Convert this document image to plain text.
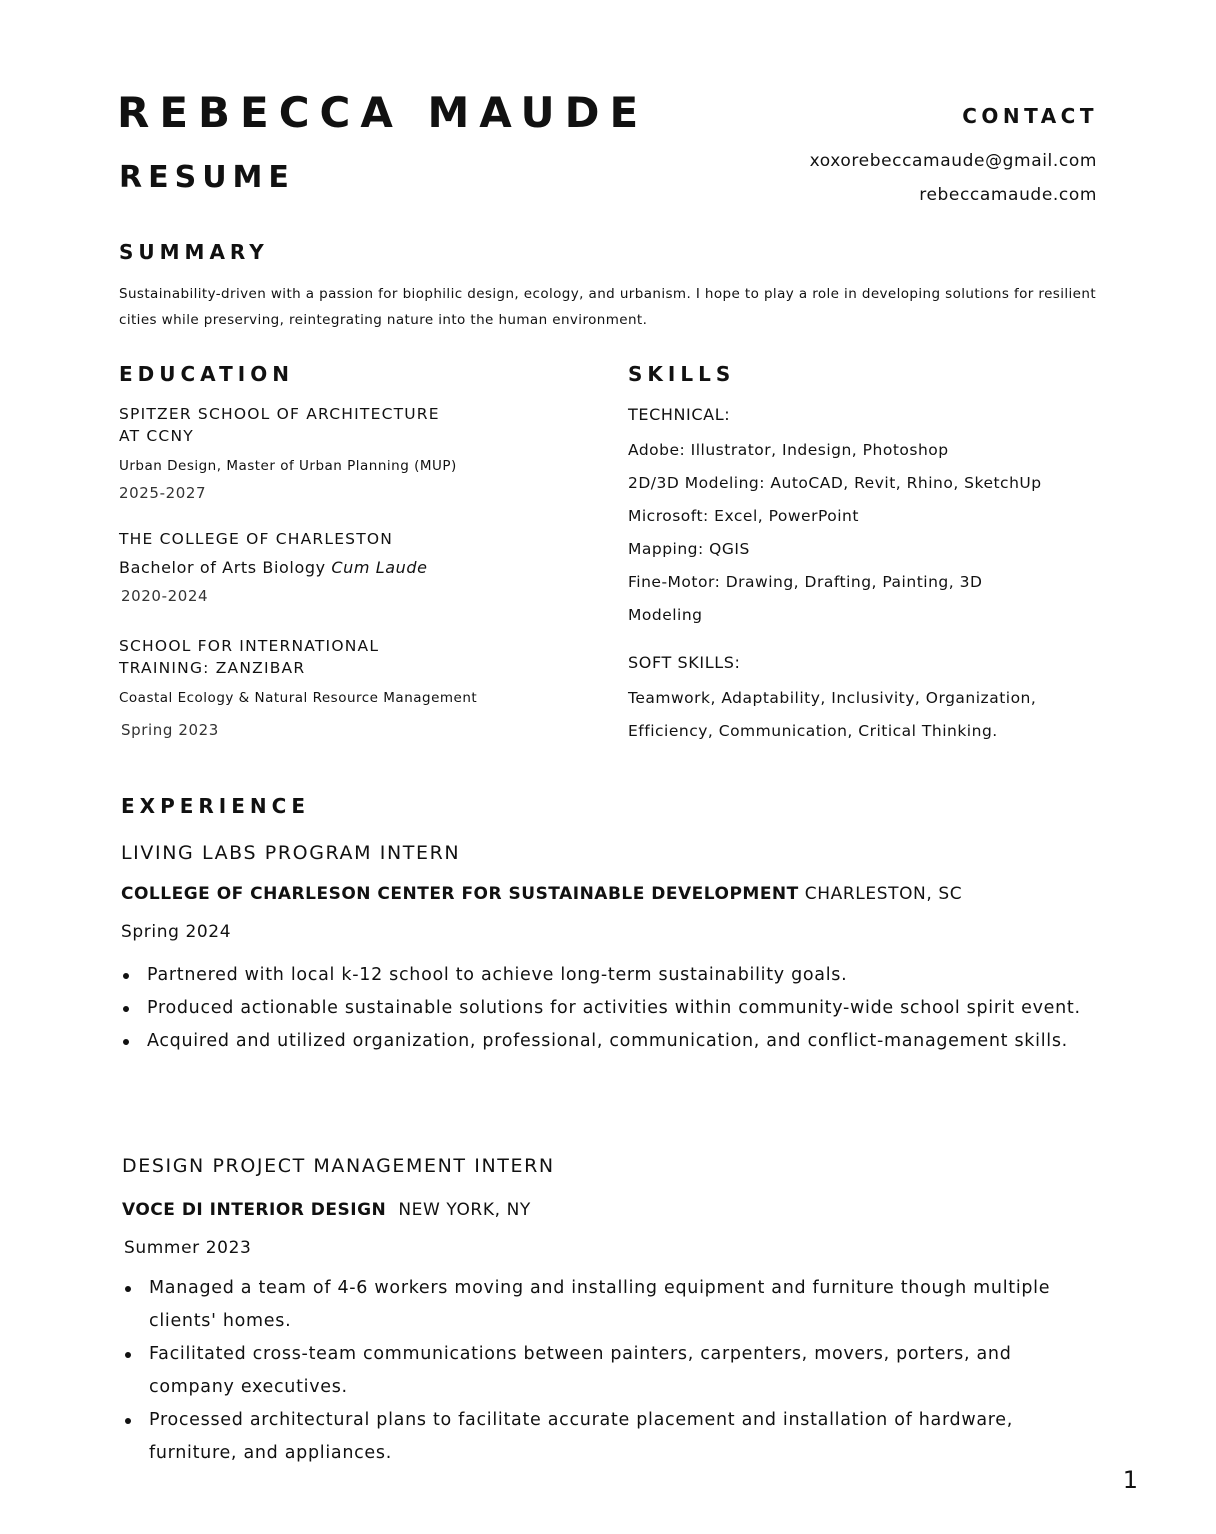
REBECCA MAUDE
RESUME
CONTACT
xoxorebeccamaude@gmail.com
rebeccamaude.com
SUMMARY
Sustainability-driven with a passion for biophilic design, ecology, and urbanism. I hope to play a role in developing solutions for resilient cities while preserving, reintegrating nature into the human environment.
EDUCATION
SPITZER SCHOOL OF ARCHITECTURE
AT CCNY
Urban Design, Master of Urban Planning (MUP)
2025-2027
THE COLLEGE OF CHARLESTON
Bachelor of Arts Biology Cum Laude
2020-2024
SCHOOL FOR INTERNATIONAL
TRAINING: ZANZIBAR
Coastal Ecology & Natural Resource Management
Spring 2023
SKILLS
TECHNICAL:
Adobe: Illustrator, Indesign, Photoshop
2D/3D Modeling: AutoCAD, Revit, Rhino, SketchUp
Microsoft: Excel, PowerPoint
Mapping: QGIS
Fine-Motor: Drawing, Drafting, Painting, 3D
Modeling
SOFT SKILLS:
Teamwork, Adaptability, Inclusivity, Organization,
Efficiency, Communication, Critical Thinking.
EXPERIENCE
LIVING LABS PROGRAM INTERN
COLLEGE OF CHARLESON CENTER FOR SUSTAINABLE DEVELOPMENT CHARLESTON, SC
Spring 2024
Partnered with local k-12 school to achieve long-term sustainability goals.
Produced actionable sustainable solutions for activities within community-wide school spirit event.
Acquired and utilized organization, professional, communication, and conflict-management skills.
DESIGN PROJECT MANAGEMENT INTERN
VOCE DI INTERIOR DESIGN NEW YORK, NY
Summer 2023
Managed a team of 4-6 workers moving and installing equipment and furniture though multiple clients' homes.
Facilitated cross-team communications between painters, carpenters, movers, porters, and company executives.
Processed architectural plans to facilitate accurate placement and installation of hardware, furniture, and appliances.
1
